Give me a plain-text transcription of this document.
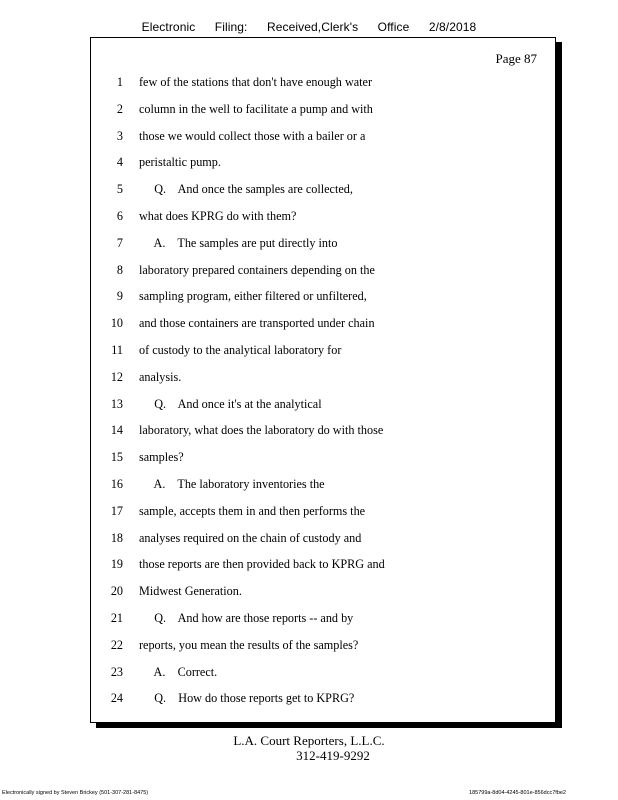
Electronic Filing: Received,Clerk's Office 2/8/2018
Page 87
1 few of the stations that don't have enough water
2 column in the well to facilitate a pump and with
3 those we would collect those with a bailer or a
4 peristaltic pump.
5 Q.    And once the samples are collected,
6 what does KPRG do with them?
7 A.    The samples are put directly into
8 laboratory prepared containers depending on the
9 sampling program, either filtered or unfiltered,
10 and those containers are transported under chain
11 of custody to the analytical laboratory for
12 analysis.
13 Q.    And once it's at the analytical
14 laboratory, what does the laboratory do with those
15 samples?
16 A.    The laboratory inventories the
17 sample, accepts them in and then performs the
18 analyses required on the chain of custody and
19 those reports are then provided back to KPRG and
20 Midwest Generation.
21 Q.    And how are those reports -- and by
22 reports, you mean the results of the samples?
23 A.    Correct.
24 Q.    How do those reports get to KPRG?
L.A. Court Reporters, L.L.C.
312-419-9292
Electronically signed by Steven Brickey (501-307-281-8475)	185799a-8d04-4245-801e-856dcc7fbe2
